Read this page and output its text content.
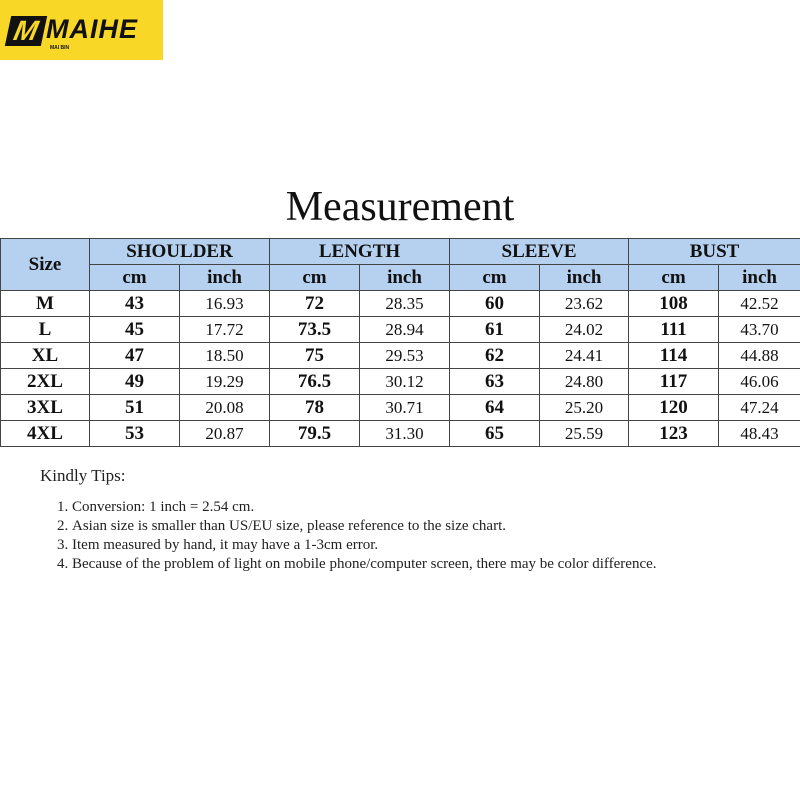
M MAIHE
MAI BIN
Measurement
Size	SHOULDER		LENGTH		SLEEVE		BUST	
	cm	inch	cm	inch	cm	inch	cm	inch
M	43	16.93	72	28.35	60	23.62	108	42.52
L	45	17.72	73.5	28.94	61	24.02	111	43.70
XL	47	18.50	75	29.53	62	24.41	114	44.88
2XL	49	19.29	76.5	30.12	63	24.80	117	46.06
3XL	51	20.08	78	30.71	64	25.20	120	47.24
4XL	53	20.87	79.5	31.30	65	25.59	123	48.43
Kindly Tips:
1. Conversion: 1 inch = 2.54 cm.
2. Asian size is smaller than US/EU size, please reference to the size chart.
3. Item measured by hand, it may have a 1-3cm error.
4. Because of the problem of light on mobile phone/computer screen, there may be color difference.
